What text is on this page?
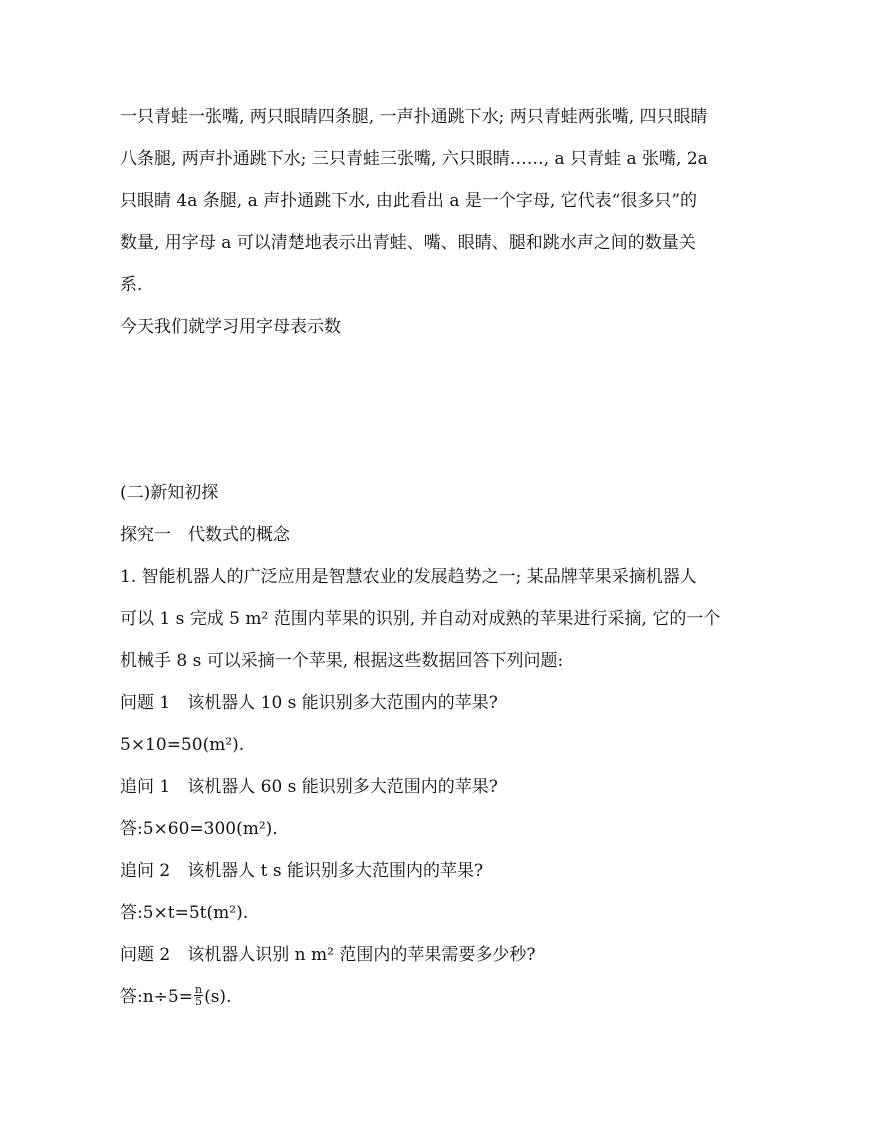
一只青蛙一张嘴, 两只眼睛四条腿, 一声扑通跳下水; 两只青蛙两张嘴, 四只眼睛
八条腿, 两声扑通跳下水; 三只青蛙三张嘴, 六只眼睛……, a 只青蛙 a 张嘴, 2a
只眼睛 4a 条腿, a 声扑通跳下水, 由此看出 a 是一个字母, 它代表“很多只”的
数量, 用字母 a 可以清楚地表示出青蛙、嘴、眼睛、腿和跳水声之间的数量关
系.
今天我们就学习用字母表示数
(二)新知初探
探究一　代数式的概念
1. 智能机器人的广泛应用是智慧农业的发展趋势之一; 某品牌苹果采摘机器人
可以 1 s 完成 5 m² 范围内苹果的识别, 并自动对成熟的苹果进行采摘, 它的一个
机械手 8 s 可以采摘一个苹果, 根据这些数据回答下列问题:
问题 1　该机器人 10 s 能识别多大范围内的苹果?
5×10=50(m²).
追问 1　该机器人 60 s 能识别多大范围内的苹果?
答:5×60=300(m²).
追问 2　该机器人 t s 能识别多大范围内的苹果?
答:5×t=5t(m²).
问题 2　该机器人识别 n m² 范围内的苹果需要多少秒?
答:n÷5= $\frac{n}{5} (s)$.
